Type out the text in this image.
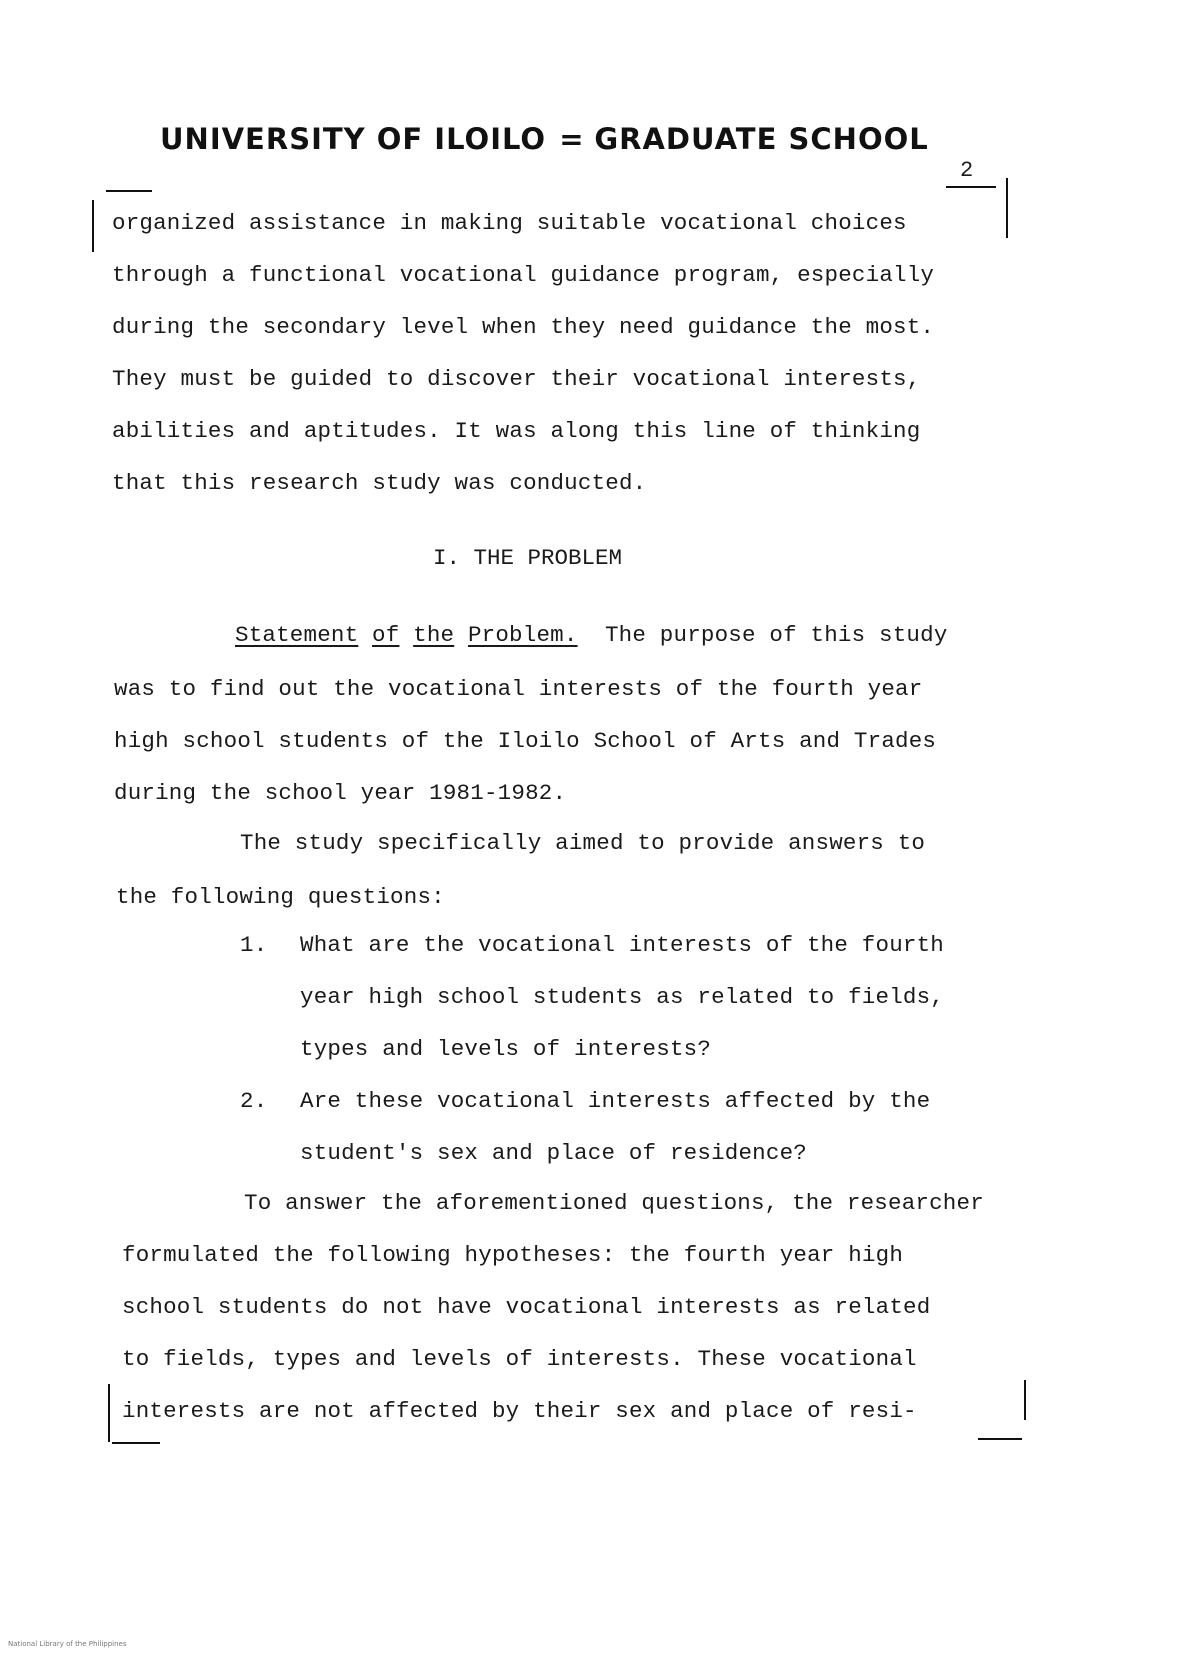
UNIVERSITY OF ILOILO = GRADUATE SCHOOL
2
organized assistance in making suitable vocational choices
through a functional vocational guidance program, especially
during the secondary level when they need guidance the most.
They must be guided to discover their vocational interests,
abilities and aptitudes. It was along this line of thinking
that this research study was conducted.
I. THE PROBLEM
Statement of the Problem. The purpose of this study
was to find out the vocational interests of the fourth year
high school students of the Iloilo School of Arts and Trades
during the school year 1981-1982.
The study specifically aimed to provide answers to
the following questions:
1. What are the vocational interests of the fourth
year high school students as related to fields,
types and levels of interests?
2. Are these vocational interests affected by the
student's sex and place of residence?
To answer the aforementioned questions, the researcher
formulated the following hypotheses: the fourth year high
school students do not have vocational interests as related
to fields, types and levels of interests. These vocational
interests are not affected by their sex and place of resi-
National Library of the Philippines
